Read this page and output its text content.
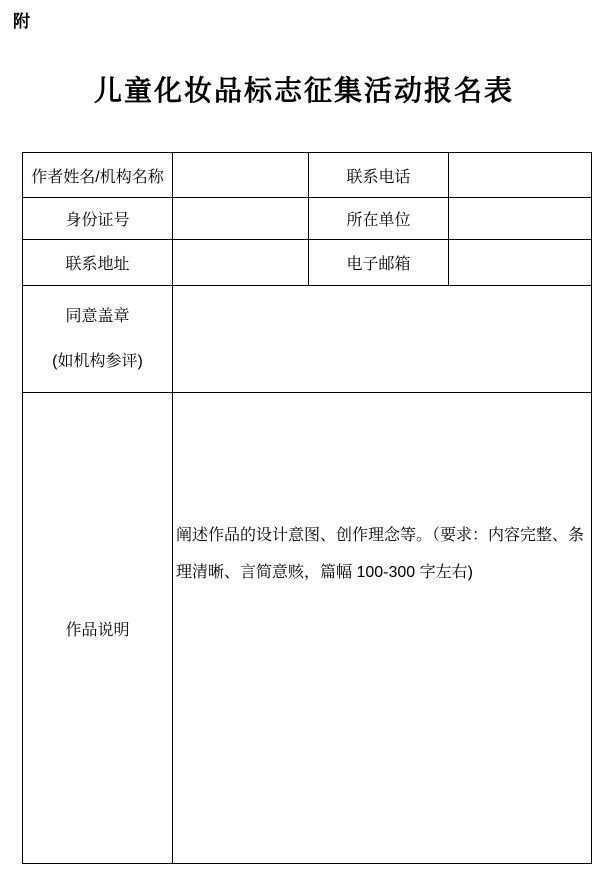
附
儿童化妆品标志征集活动报名表
作者姓名/机构名称		联系电话	
身份证号		所在单位	
联系地址		电子邮箱	

同意盖章
(如机构参评)			

作品说明	阐述作品的设计意图、创作理念等。（要求：内容完整、条
理清晰、言简意赅，篇幅 100-300 字左右)		
